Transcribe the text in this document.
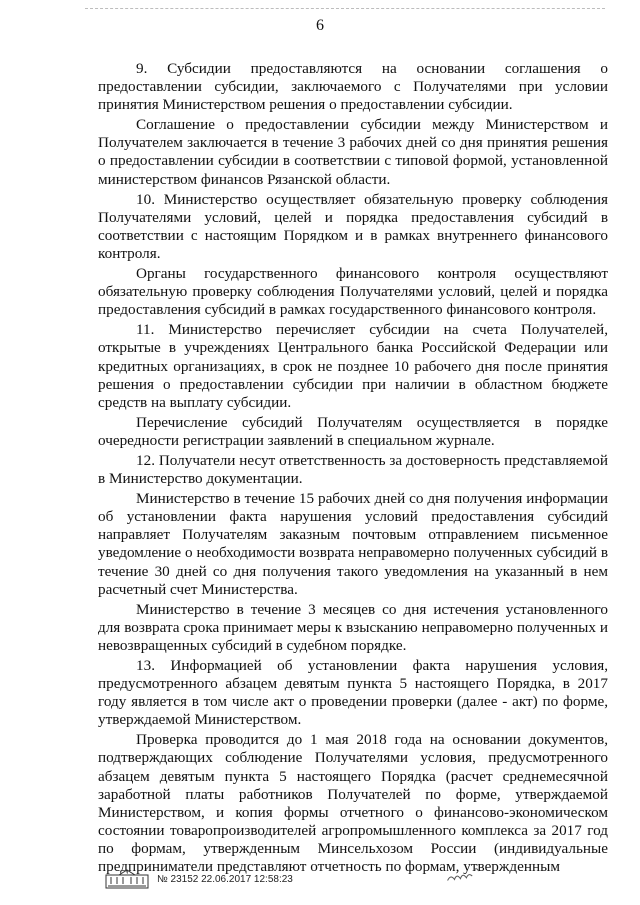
6

9. Субсидии предоставляются на основании соглашения о предоставлении субсидии, заключаемого с Получателями при условии принятия Министерством решения о предоставлении субсидии.

Соглашение о предоставлении субсидии между Министерством и Получателем заключается в течение 3 рабочих дней со дня принятия решения о предоставлении субсидии в соответствии с типовой формой, установленной министерством финансов Рязанской области.

10. Министерство осуществляет обязательную проверку соблюдения Получателями условий, целей и порядка предоставления субсидий в соответствии с настоящим Порядком и в рамках внутреннего финансового контроля.

Органы государственного финансового контроля осуществляют обязательную проверку соблюдения Получателями условий, целей и порядка предоставления субсидий в рамках государственного финансового контроля.

11. Министерство перечисляет субсидии на счета Получателей, открытые в учреждениях Центрального банка Российской Федерации или кредитных организациях, в срок не позднее 10 рабочего дня после принятия решения о предоставлении субсидии при наличии в областном бюджете средств на выплату субсидии.

Перечисление субсидий Получателям осуществляется в порядке очередности регистрации заявлений в специальном журнале.

12. Получатели несут ответственность за достоверность представляемой в Министерство документации.

Министерство в течение 15 рабочих дней со дня получения информации об установлении факта нарушения условий предоставления субсидий направляет Получателям заказным почтовым отправлением письменное уведомление о необходимости возврата неправомерно полученных субсидий в течение 30 дней со дня получения такого уведомления на указанный в нем расчетный счет Министерства.

Министерство в течение 3 месяцев со дня истечения установленного для возврата срока принимает меры к взысканию неправомерно полученных и невозвращенных субсидий в судебном порядке.

13. Информацией об установлении факта нарушения условия, предусмотренного абзацем девятым пункта 5 настоящего Порядка, в 2017 году является в том числе акт о проведении проверки (далее - акт) по форме, утверждаемой Министерством.

Проверка проводится до 1 мая 2018 года на основании документов, подтверждающих соблюдение Получателями условия, предусмотренного абзацем девятым пункта 5 настоящего Порядка (расчет среднемесячной заработной платы работников Получателей по форме, утверждаемой Министерством, и копия формы отчетного о финансово-экономическом состоянии товаропроизводителей агропромышленного комплекса за 2017 год по формам, утвержденным Минсельхозом России (индивидуальные предприниматели представляют отчетность по формам, утвержденным

№ 23152 22.06.2017 12:58:23
